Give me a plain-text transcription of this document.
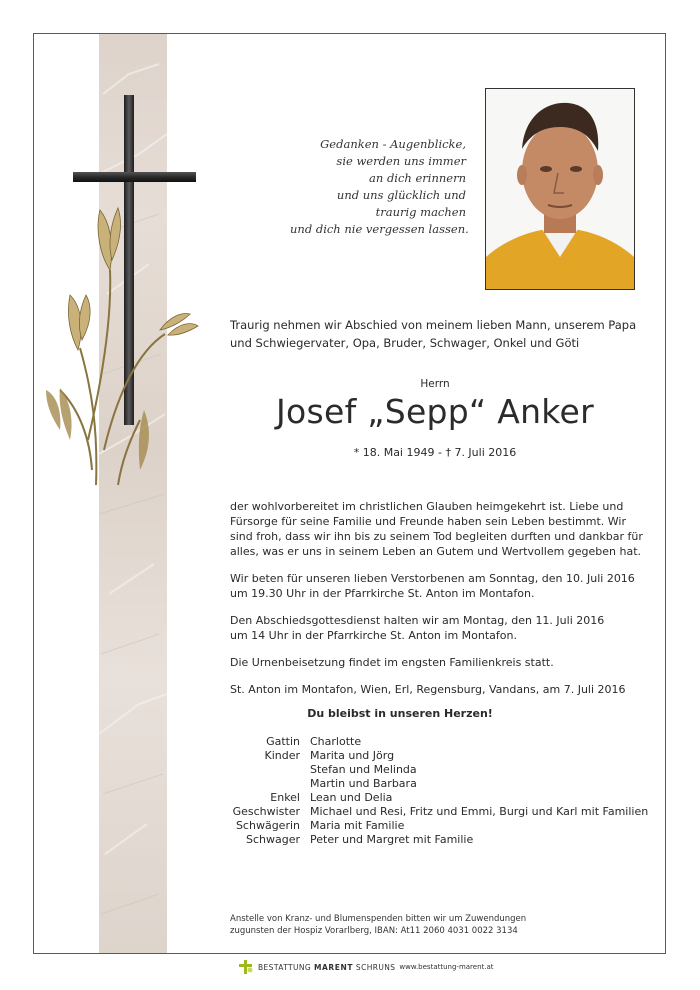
Gedanken - Augenblicke,
sie werden uns immer
an dich erinnern
und uns glücklich und
traurig machen
und dich nie vergessen lassen.
Traurig nehmen wir Abschied von meinem lieben Mann, unserem Papa
und Schwiegervater, Opa, Bruder, Schwager, Onkel und Göti
Herrn
Josef „Sepp“ Anker
* 18. Mai 1949 - † 7. Juli 2016

der wohlvorbereitet im christlichen Glauben heimgekehrt ist. Liebe und
Fürsorge für seine Familie und Freunde haben sein Leben bestimmt. Wir
sind froh, dass wir ihn bis zu seinem Tod begleiten durften und dankbar für
alles, was er uns in seinem Leben an Gutem und Wertvollem gegeben hat.

Wir beten für unseren lieben Verstorbenen am Sonntag, den 10. Juli 2016
um 19.30 Uhr in der Pfarrkirche St. Anton im Montafon.

Den Abschiedsgottesdienst halten wir am Montag, den 11. Juli 2016
um 14 Uhr in der Pfarrkirche St. Anton im Montafon.

Die Urnenbeisetzung findet im engsten Familienkreis statt.

St. Anton im Montafon, Wien, Erl, Regensburg, Vandans, am 7. Juli 2016

Du bleibst in unseren Herzen!
Gattin Charlotte
Kinder Marita und Jörg
Stefan und Melinda
Martin und Barbara
Enkel Lean und Delia
Geschwister Michael und Resi, Fritz und Emmi, Burgi und Karl mit Familien
Schwägerin Maria mit Familie
Schwager Peter und Margret mit Familie
Anstelle von Kranz- und Blumenspenden bitten wir um Zuwendungen
zugunsten der Hospiz Vorarlberg, IBAN: At11 2060 4031 0022 3134
BESTATTUNG MARENT SCHRUNS www.bestattung-marent.at
